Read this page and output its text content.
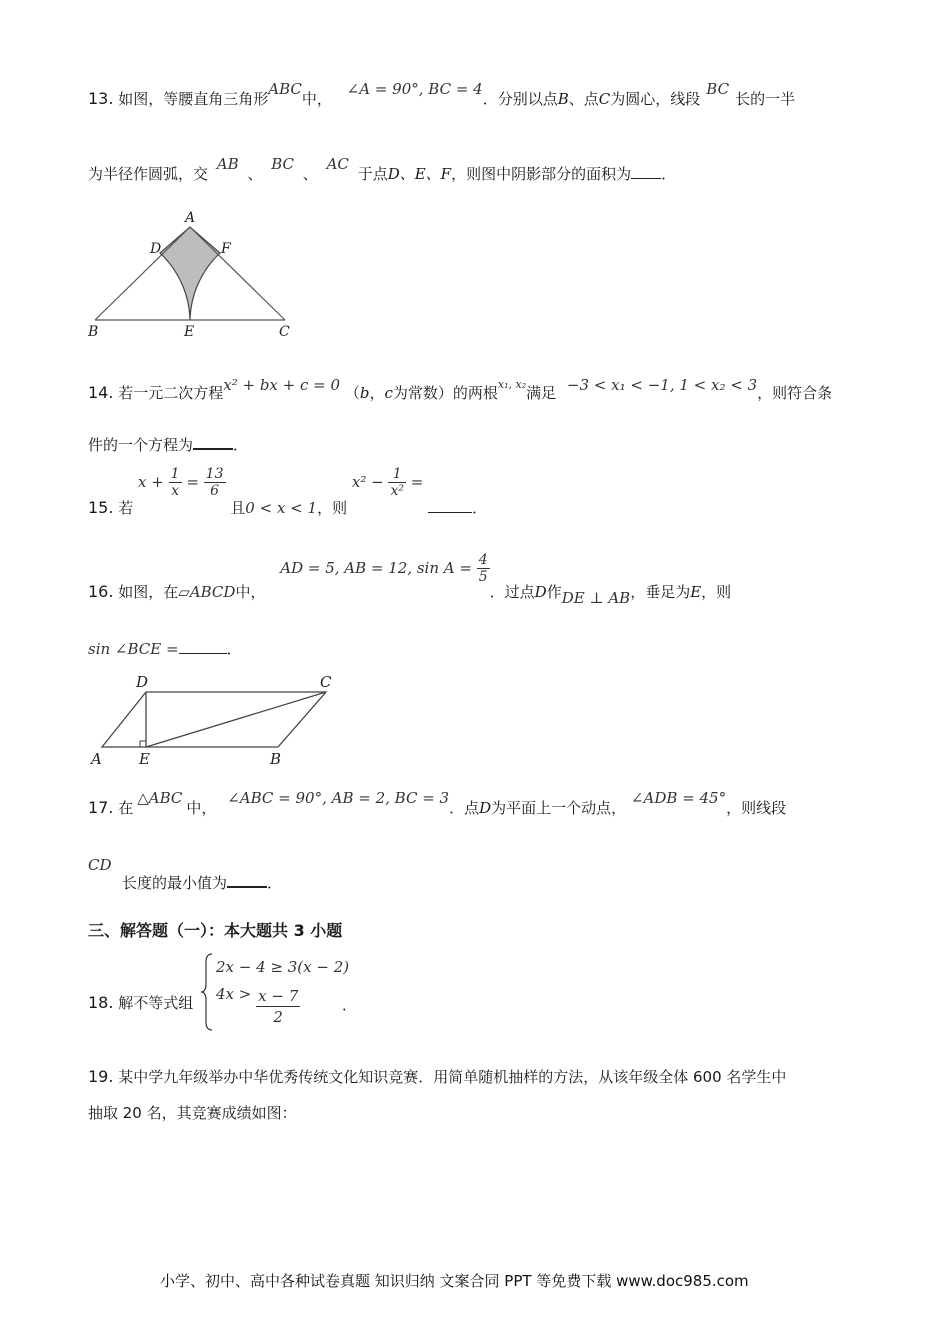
13. 如图，等腰直角三角形ABC中， ∠A = 90°, BC = 4．分别以点B、点C为圆心，线段BC长的一半
为半径作圆弧，交 AB 、 BC 、 AC 于点D、E、F，则图中阴影部分的面积为 ．
A
B	C
D
E
F
14. 若一元二次方程x² + bx + c = 0 （b，c为常数）的两根$^{x_1, x_2}$满足 −3 < x₁ < −1, 1 < x₂ < 3，则符合条
件的一个方程为	．
15. 若 $x + \frac{1}{x} = \frac{13}{6}$
且0 < x < 1，则 $x^2 - \frac{1}{\text{x²}}$ = ．
16. 如图，在▱ABCD中， AD = 5, AB = 12, $\sin A = \frac{4}{5}$
．过点D作DE ⊥ AB，垂足为E，则
sin ∠BCE =	．
D	C
A E	B
17. 在△ABC中， ∠ABC = 90°, AB = 2, BC = 3．点D为平面上一个动点， ∠ADB = 45°，则线段
CD
长度的最小值为	．
三、解答题（一）：本大题共 3 小题
18. 解不等式组
2x − 4 ≥ 3(x − 2)
$4x > \frac{x - 7}{2}$	．
19. 某中学九年级举办中华优秀传统文化知识竞赛．用简单随机抽样的方法，从该年级全体 600 名学生中
抽取 20 名，其竞赛成绩如图：
小学、初中、高中各种试卷真题 知识归纳 文案合同 PPT 等免费下载 www.doc985.com
